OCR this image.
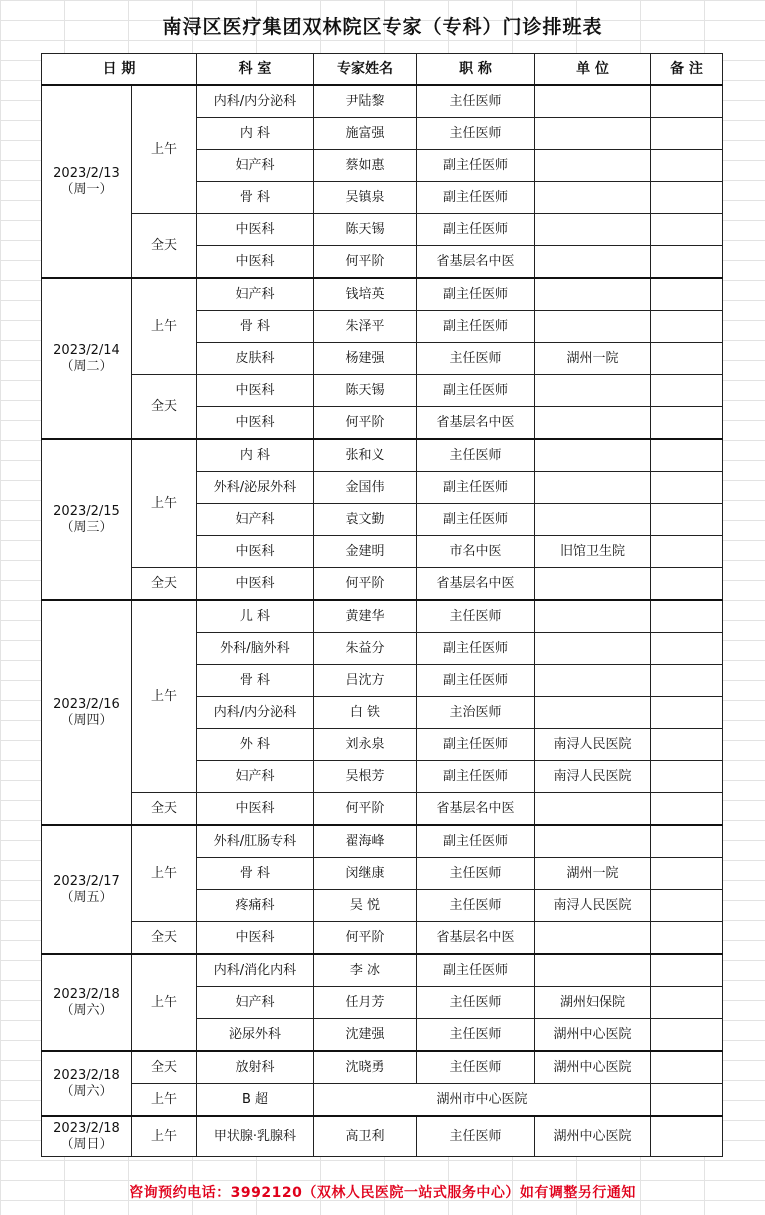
南浔区医疗集团双林院区专家（专科）门诊排班表
日 期		科 室	专家姓名	职 称	单 位	备 注

2023/2/13
（周一）	上午	内科/内分泌科	尹陆黎	主任医师		
		内 科	施富强	主任医师		
		妇产科	蔡如惠	副主任医师		
		骨 科	吴镇泉	副主任医师		
	全天	中医科	陈天锡	副主任医师		
		中医科	何平阶	省基层名中医		

2023/2/14
（周二）	上午	妇产科	钱培英	副主任医师		
		骨 科	朱泽平	副主任医师		
		皮肤科	杨建强	主任医师	湖州一院	
	全天	中医科	陈天锡	副主任医师		
		中医科	何平阶	省基层名中医		

2023/2/15
（周三）	上午	内 科	张和义	主任医师		
		外科/泌尿外科	金国伟	副主任医师		
		妇产科	袁文勤	副主任医师		
		中医科	金建明	市名中医	旧馆卫生院	
	全天	中医科	何平阶	省基层名中医		

2023/2/16
（周四）	上午	儿 科	黄建华	主任医师		
		外科/脑外科	朱益分	副主任医师		
		骨 科	吕沈方	副主任医师		
		内科/内分泌科	白 铁	主治医师		
		外 科	刘永泉	副主任医师	南浔人民医院	
		妇产科	吴根芳	副主任医师	南浔人民医院	
	全天	中医科	何平阶	省基层名中医		

2023/2/17
（周五）	上午	外科/肛肠专科	翟海峰	副主任医师		
		骨 科	闵继康	主任医师	湖州一院	
		疼痛科	吴 悦	主任医师	南浔人民医院	
	全天	中医科	何平阶	省基层名中医		

2023/2/18
（周六）	上午	内科/消化内科	李 冰	副主任医师		
		妇产科	任月芳	主任医师	湖州妇保院	
		泌尿外科	沈建强	主任医师	湖州中心医院	

2023/2/18
（周六）	全天	放射科	沈晓勇	主任医师	湖州中心医院	
	上午	B 超	湖州市中心医院			

2023/2/18
（周日）	上午	甲状腺·乳腺科	高卫利	主任医师	湖州中心医院	
咨询预约电话：3992120（双林人民医院一站式服务中心）如有调整另行通知
